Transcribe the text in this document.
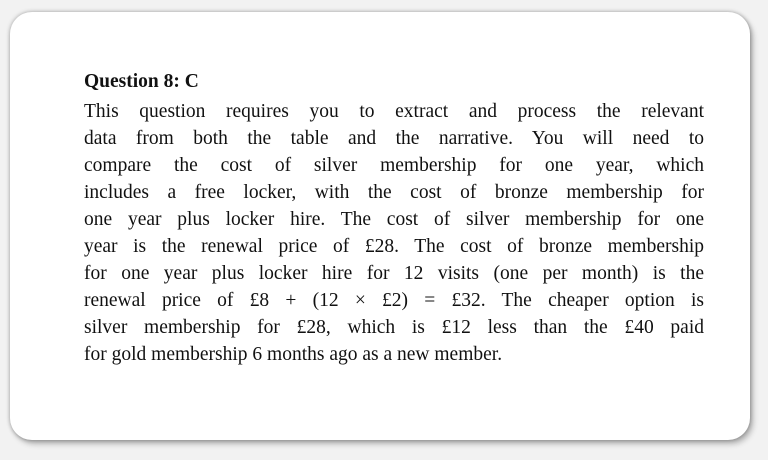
Question 8: C
This question requires you to extract and process the relevant
data from both the table and the narrative. You will need to
compare the cost of silver membership for one year, which
includes a free locker, with the cost of bronze membership for
one year plus locker hire. The cost of silver membership for one
year is the renewal price of £28. The cost of bronze membership
for one year plus locker hire for 12 visits (one per month) is the
renewal price of £8 + (12 × £2) = £32. The cheaper option is
silver membership for £28, which is £12 less than the £40 paid
for gold membership 6 months ago as a new member.
